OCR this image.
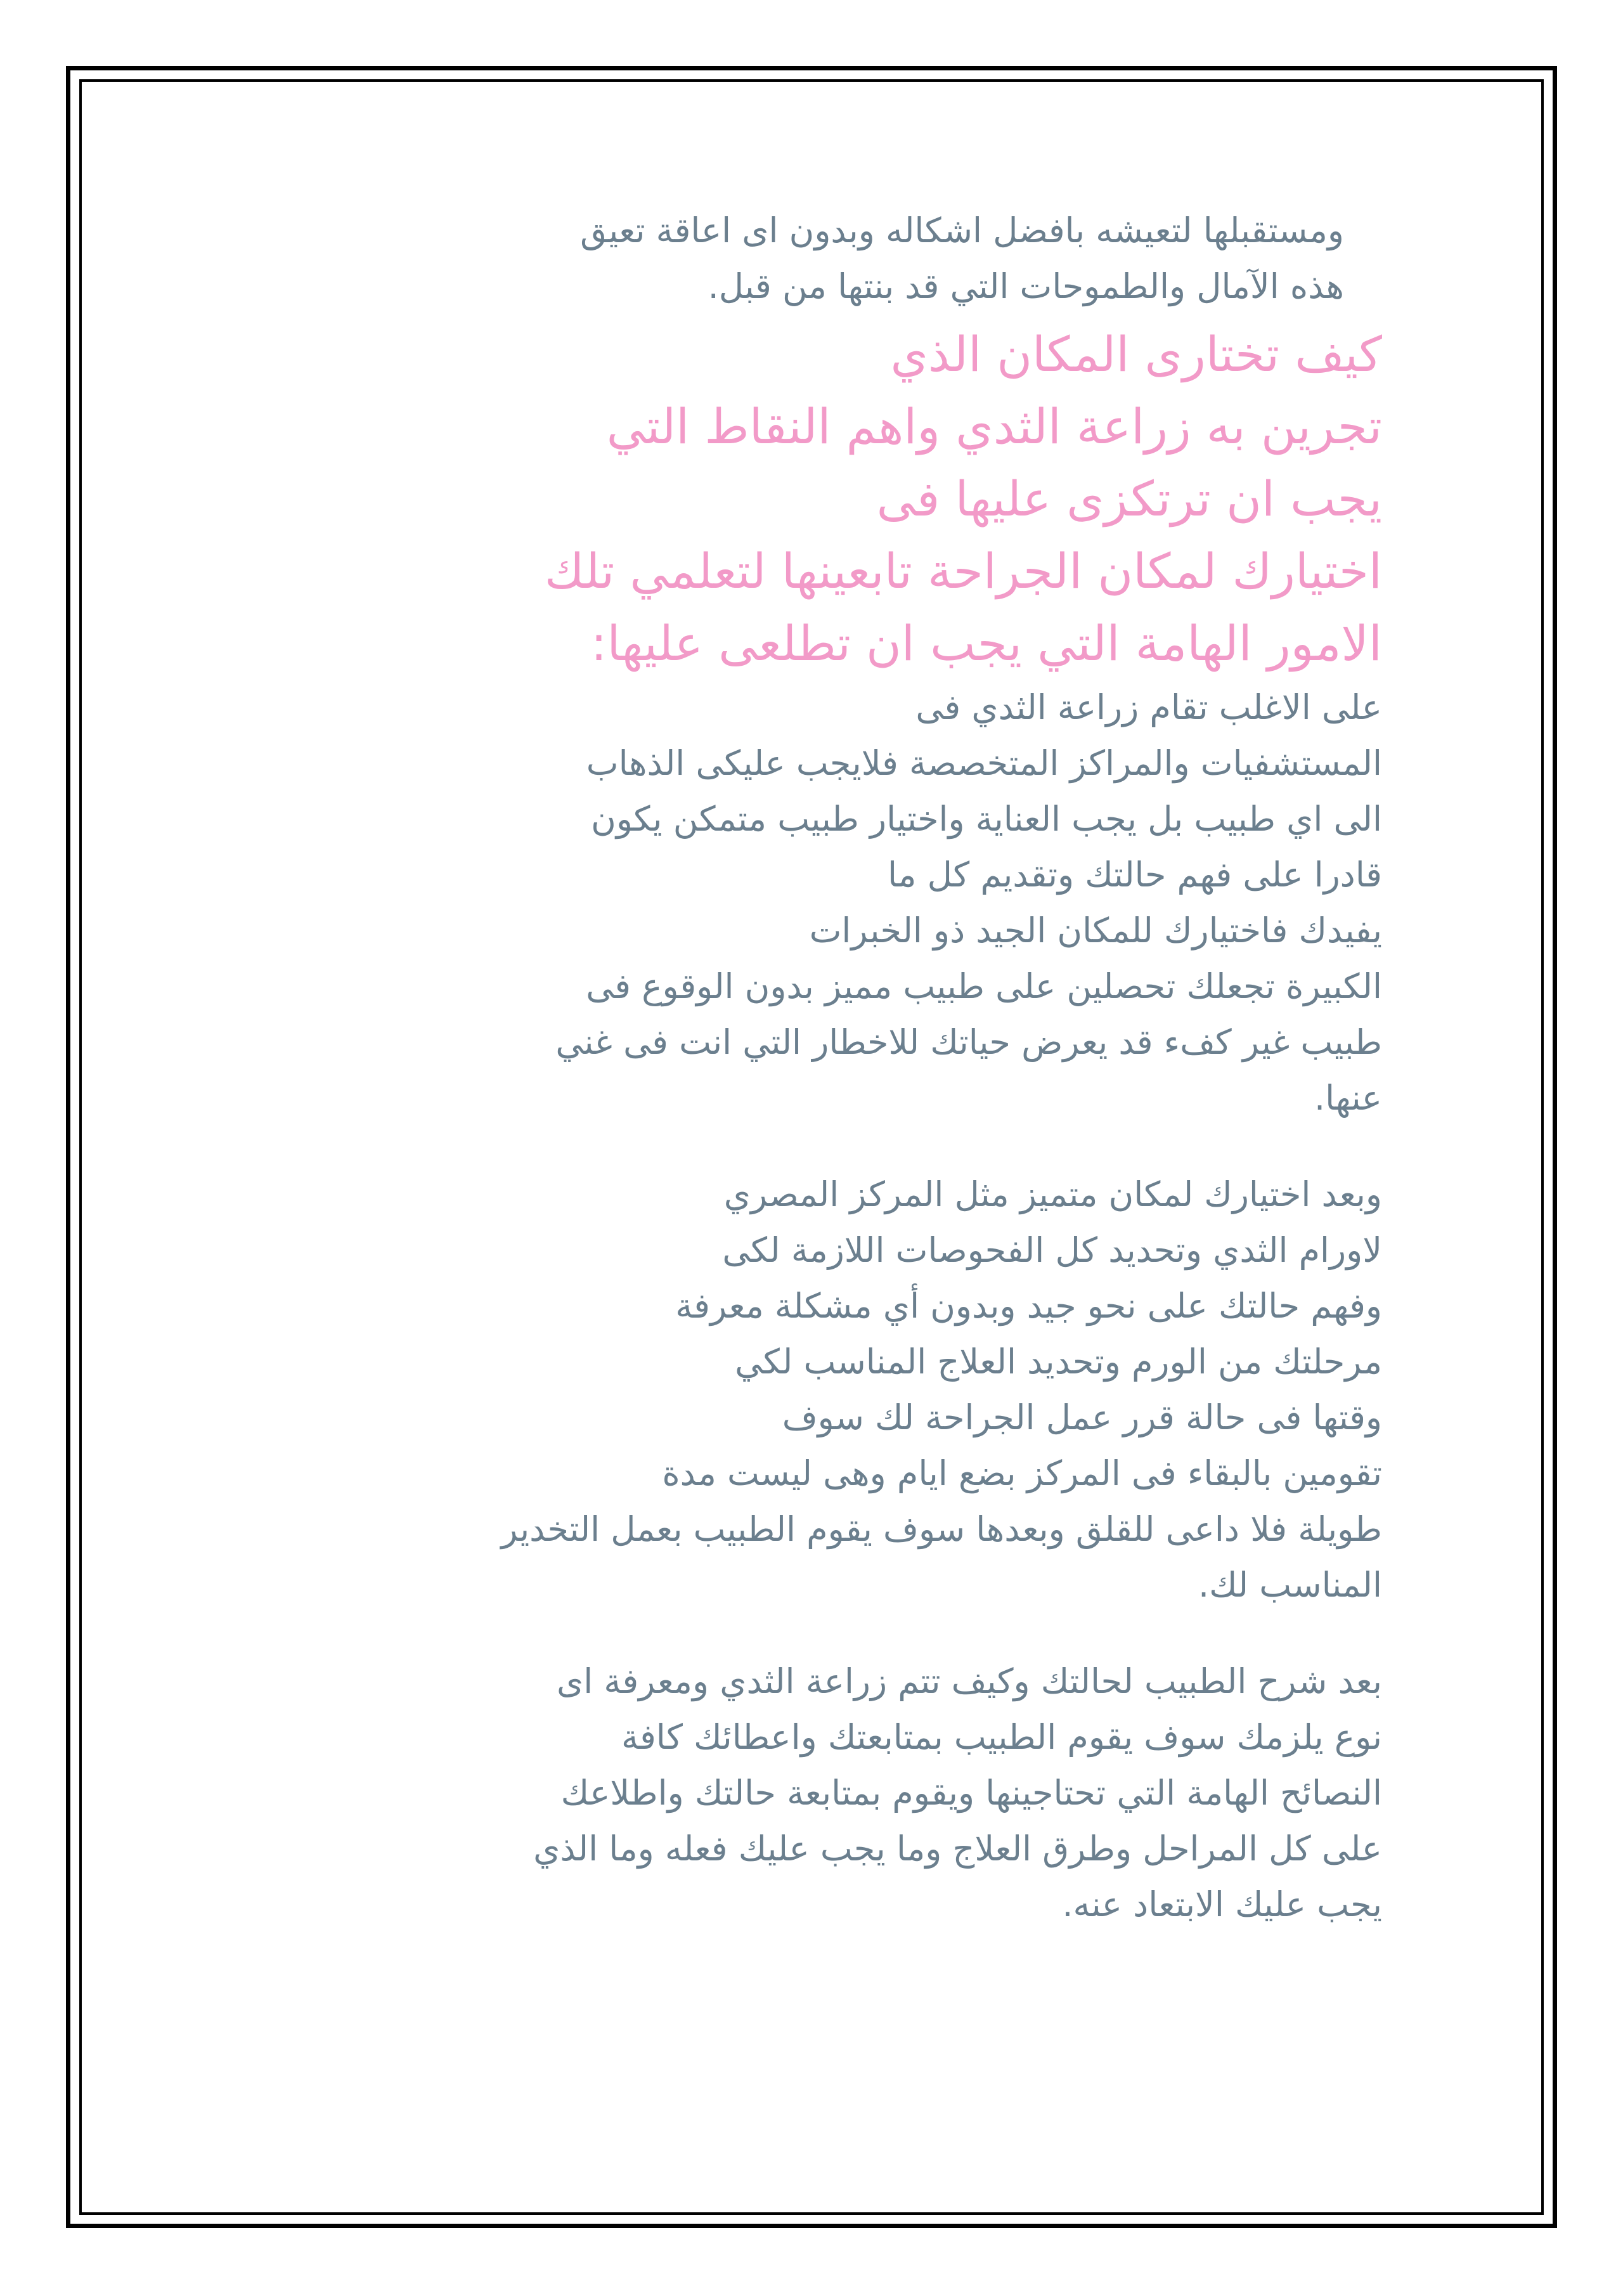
ومستقبلها لتعيشه بافضل اشكاله وبدون اى اعاقة تعيق
هذه الآمال والطموحات التي قد بنتها من قبل.
كيف تختارى المكان الذي
تجرين به زراعة الثدي واهم النقاط التي
يجب ان ترتكزى عليها فى
اختيارك لمكان الجراحة تابعينها لتعلمي تلك
الامور الهامة التي يجب ان تطلعى عليها:
على الاغلب تقام زراعة الثدي فى
المستشفيات والمراكز المتخصصة فلايجب عليكى الذهاب
الى اي طبيب بل يجب العناية واختيار طبيب متمكن يكون
قادرا على فهم حالتك وتقديم كل ما
يفيدك فاختيارك للمكان الجيد ذو الخبرات
الكبيرة تجعلك تحصلين على طبيب مميز بدون الوقوع فى
طبيب غير كفء قد يعرض حياتك للاخطار التي انت فى غني
عنها.
وبعد اختيارك لمكان متميز مثل المركز المصري
لاورام الثدي وتحديد كل الفحوصات اللازمة لكى
وفهم حالتك على نحو جيد وبدون أي مشكلة معرفة
مرحلتك من الورم وتحديد العلاج المناسب لكي
وقتها فى حالة قرر عمل الجراحة لك سوف
تقومين بالبقاء فى المركز بضع ايام وهى ليست مدة
طويلة فلا داعى للقلق وبعدها سوف يقوم الطبيب بعمل التخدير
المناسب لك.
بعد شرح الطبيب لحالتك وكيف تتم زراعة الثدي ومعرفة اى
نوع يلزمك سوف يقوم الطبيب بمتابعتك واعطائك كافة
النصائح الهامة التي تحتاجينها ويقوم بمتابعة حالتك واطلاعك
على كل المراحل وطرق العلاج وما يجب عليك فعله وما الذي
يجب عليك الابتعاد عنه.
